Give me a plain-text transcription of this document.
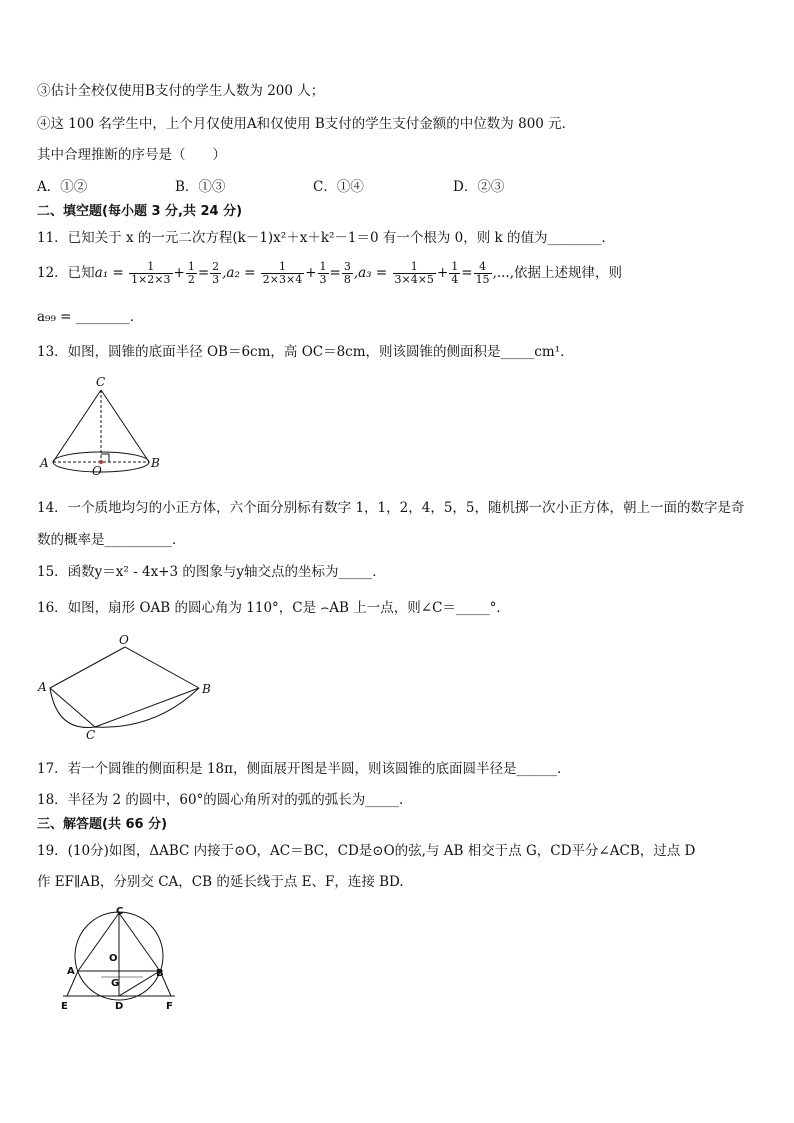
③估计全校仅使用B支付的学生人数为 200 人；
④这 100 名学生中，上个月仅使用A和仅使用 B支付的学生支付金额的中位数为 800 元．
其中合理推断的序号是（　　）
A．①②	B．①③	C．①④	D．②③
二、填空题(每小题 3 分,共 24 分)
11．已知关于 x 的一元二次方程(k－1)x²＋x＋k²－1＝0 有一个根为 0，则 k 的值为________．
12．已知$a_1 = \frac{1}{1\times 2\times 3} + \frac{1}{2} = \frac{2}{3} ,a_2 = \frac{1}{2\times 3\times 4} + \frac{1}{3} = \frac{3}{8} ,a_3 = \frac{1}{3\times 4\times 5} + \frac{1}{4} = \frac{4}{15}$ ,...,依据上述规律，则
a₉₉ = ________．
13．如图，圆锥的底面半径 OB＝6cm，高 OC＝8cm，则该圆锥的侧面积是_____cm¹．
C
A	B
O
14．一个质地均匀的小正方体，六个面分别标有数字 1，1，2，4，5，5，随机掷一次小正方体，朝上一面的数字是奇
数的概率是__________．
15．函数y＝x² - 4x+3 的图象与y轴交点的坐标为_____．
16．如图，扇形 OAB 的圆心角为 110°，C是 ⌢AB 上一点，则∠C＝_____°．
O
A	B
C
17．若一个圆锥的侧面积是 18π，侧面展开图是半圆，则该圆锥的底面圆半径是______．
18．半径为 2 的圆中，60°的圆心角所对的弧的弧长为_____.
三、解答题(共 66 分)
19．(10分)如图，ΔABC 内接于⊙O，AC＝BC，CD是⊙O的弦,与 AB 相交于点 G，CD平分∠ACB，过点 D
作 EF∥AB，分别交 CA，CB 的延长线于点 E、F，连接 BD.
C
O
A	B
G
E	D	F
